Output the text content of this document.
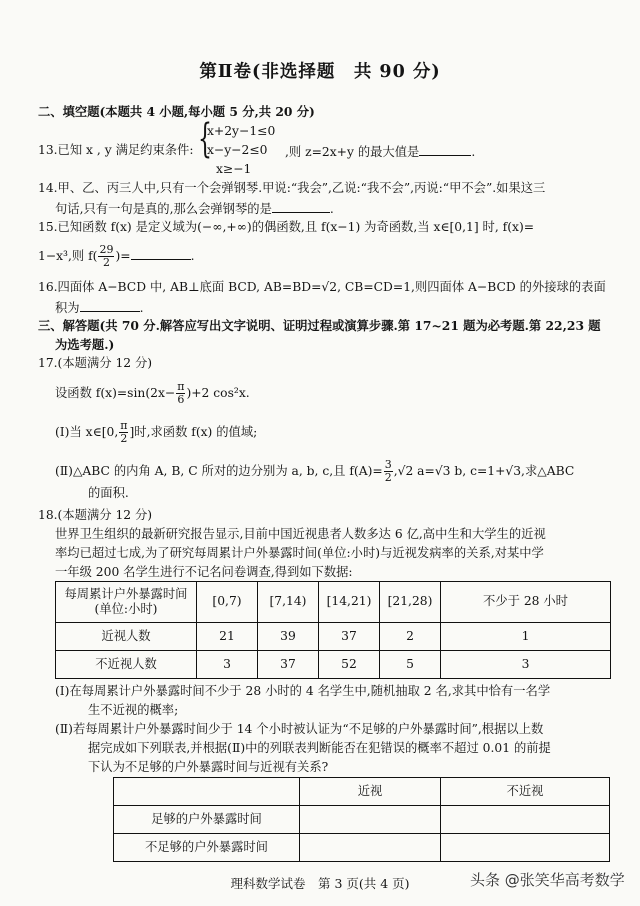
第Ⅱ卷(非选择题　共 90 分)
二、填空题(本题共 4 小题,每小题 5 分,共 20 分)
13.已知 x , y 满足约束条件: {
x+2y−1≤0
x−y−2≤0
x≥−1
,则 z=2x+y 的最大值是	.
14.甲、乙、丙三人中,只有一个会弹钢琴.甲说:“我会”,乙说:“我不会”,丙说:“甲不会”.如果这三
句话,只有一句是真的,那么会弹钢琴的是	.
15.已知函数 f(x) 是定义域为(−∞,+∞)的偶函数,且 f(x−1) 为奇函数,当 x∈[0,1] 时, f(x)=
1−x³,则 $f( \frac{29}{2}$ )=	.
16.四面体 A−BCD 中, AB⊥底面 BCD, AB=BD=√2, CB=CD=1,则四面体 A−BCD 的外接球的表面
积为	.
三、解答题(共 70 分.解答应写出文字说明、证明过程或演算步骤.第 17~21 题为必考题.第 22,23 题
为选考题.)
17.(本题满分 12 分)
设函数 $f(x)=\sin(2x- \frac{\pi}{6} )+2$ cos²x.
(Ⅰ)当 x∈[0, $\frac{\pi}{2}$ ]时,求函数 f(x) 的值域;
(Ⅱ)△ABC 的内角 A, B, C 所对的边分别为 a, b, c,且 $f(A)= \frac{3}{2} ,√2$ a=√3 b, c=1+√3,求△ABC
的面积.
18.(本题满分 12 分)
世界卫生组织的最新研究报告显示,目前中国近视患者人数多达 6 亿,高中生和大学生的近视
率均已超过七成,为了研究每周累计户外暴露时间(单位:小时)与近视发病率的关系,对某中学
一年级 200 名学生进行不记名问卷调查,得到如下数据:
每周累计户外暴露时间
(单位:小时)	[0,7)	[7,14)	[14,21)	[21,28)	不少于 28 小时
近视人数	21	39	37	2	1
不近视人数	3	37	52	5	3
(Ⅰ)在每周累计户外暴露时间不少于 28 小时的 4 名学生中,随机抽取 2 名,求其中恰有一名学
生不近视的概率;
(Ⅱ)若每周累计户外暴露时间少于 14 个小时被认证为“不足够的户外暴露时间”,根据以上数
据完成如下列联表,并根据(Ⅱ)中的列联表判断能否在犯错误的概率不超过 0.01 的前提
下认为不足够的户外暴露时间与近视有关系?
	近视	不近视
足够的户外暴露时间		
不足够的户外暴露时间		
理科数学试卷　第 3 页(共 4 页)	头条 @张笑华高考数学
